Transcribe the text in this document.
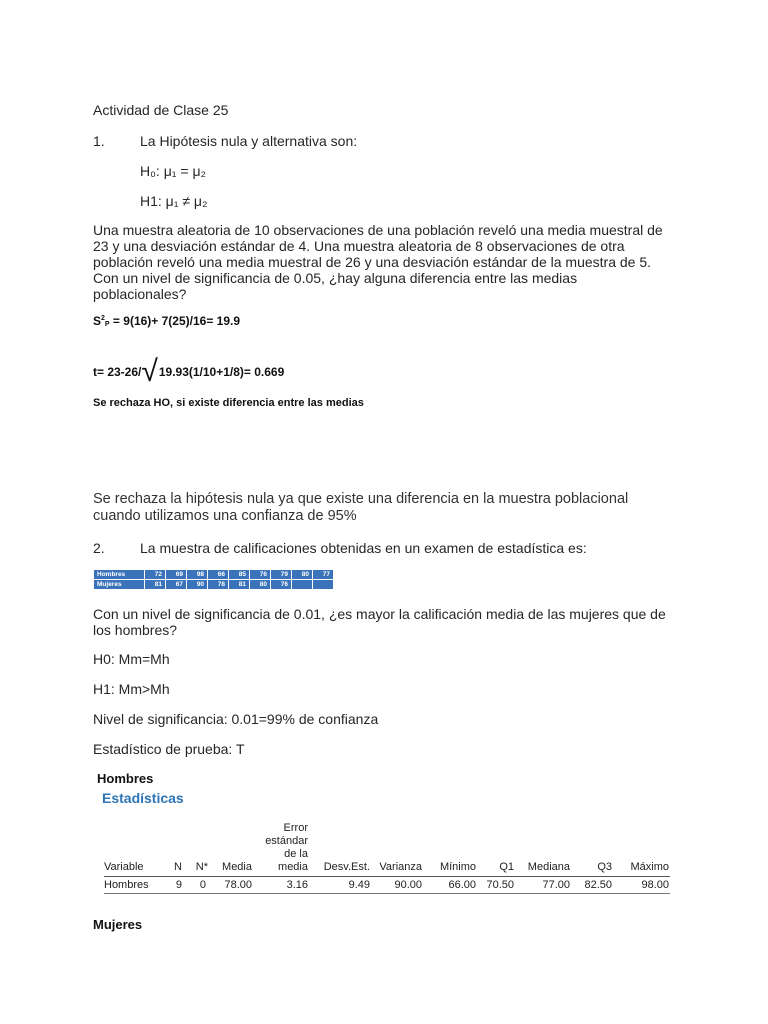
Actividad de Clase 25
1.	La Hipótesis nula y alternativa son:
H₀: μ₁ = μ₂
H1: μ₁ ≠ μ₂
Una muestra aleatoria de 10 observaciones de una población reveló una media muestral de
23 y una desviación estándar de 4. Una muestra aleatoria de 8 observaciones de otra
población reveló una media muestral de 26 y una desviación estándar de la muestra de 5.
Con un nivel de significancia de 0.05, ¿hay alguna diferencia entre las medias
poblacionales?
$S^2P = 9(16)+ 7(25)/16= 19.9$
t= 23-26/√19.93(1/10+1/8)= 0.669
Se rechaza HO, si existe diferencia entre las medias
Se rechaza la hipótesis nula ya que existe una diferencia en la muestra poblacional
cuando utilizamos una confianza de 95%
2.	La muestra de calificaciones obtenidas en un examen de estadística es:
Hombres	72	69	98	66	85	76	79	80	77
Mujeres	81	67	90	78	81	80	76		
Con un nivel de significancia de 0.01, ¿es mayor la calificación media de las mujeres que de
los hombres?
H0: Mm=Mh
H1: Mm>Mh
Nivel de significancia: 0.01=99% de confianza
Estadístico de prueba: T
Hombres
Estadísticas
Variable	N	N*	Media
Error
estándar
de la
media	Desv.Est. Varianza	Mínimo	Q1	Mediana	Q3	Máximo
Hombres	9	0	78.00	3.16	9.49	90.00	66.00 70.50	77.00	82.50	98.00
Mujeres
